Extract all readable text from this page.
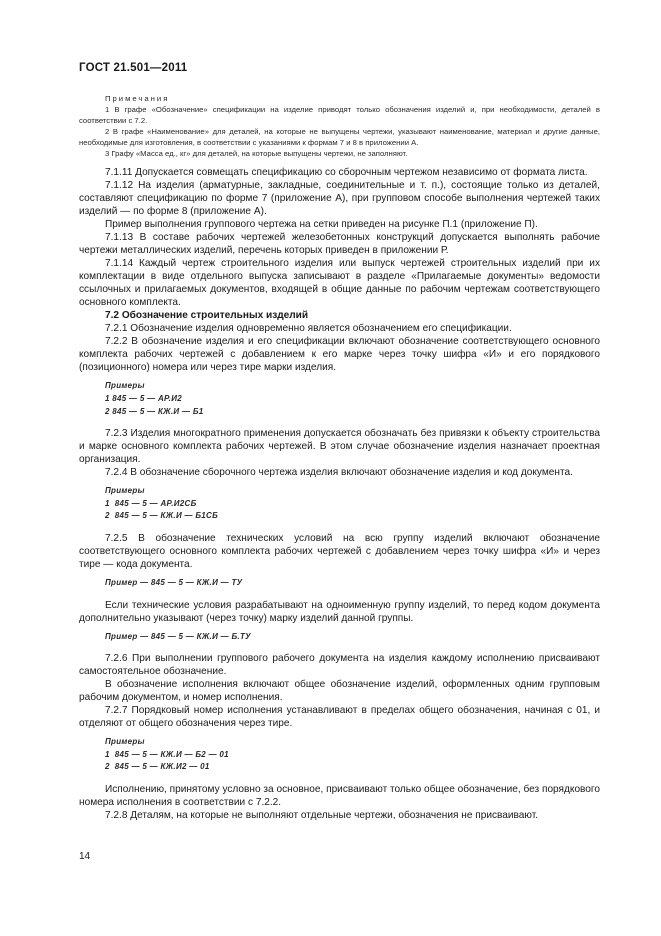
ГОСТ 21.501—2011

Примечания

1 В графе «Обозначение» спецификации на изделие приводят только обозначения изделий и, при необходимости, деталей в соответствии с 7.2.

2 В графе «Наименование» для деталей, на которые не выпущены чертежи, указывают наименование, материал и другие данные, необходимые для изготовления, в соответствии с указаниями к формам 7 и 8 в приложении А.

3 Графу «Масса ед., кг» для деталей, на которые выпущены чертежи, не заполняют.

7.1.11 Допускается совмещать спецификацию со сборочным чертежом независимо от формата листа.

7.1.12 На изделия (арматурные, закладные, соединительные и т. п.), состоящие только из деталей, составляют спецификацию по форме 7 (приложение А), при групповом способе выполнения чертежей таких изделий — по форме 8 (приложение А).

Пример выполнения группового чертежа на сетки приведен на рисунке П.1 (приложение П).

7.1.13 В составе рабочих чертежей железобетонных конструкций допускается выполнять рабочие чертежи металлических изделий, перечень которых приведен в приложении Р.

7.1.14 Каждый чертеж строительного изделия или выпуск чертежей строительных изделий при их комплектации в виде отдельного выпуска записывают в разделе «Прилагаемые документы» ведомости ссылочных и прилагаемых документов, входящей в общие данные по рабочим чертежам соответствующего основного комплекта.

7.2 Обозначение строительных изделий

7.2.1 Обозначение изделия одновременно является обозначением его спецификации.

7.2.2 В обозначение изделия и его спецификации включают обозначение соответствующего основного комплекта рабочих чертежей с добавлением к его марке через точку шифра «И» и его порядкового (позиционного) номера или через тире марки изделия.

Примеры
1 845 — 5 — АР.И2
2 845 — 5 — КЖ.И — Б1

7.2.3 Изделия многократного применения допускается обозначать без привязки к объекту строительства и марке основного комплекта рабочих чертежей. В этом случае обозначение изделия назначает проектная организация.

7.2.4 В обозначение сборочного чертежа изделия включают обозначение изделия и код документа.

Примеры
1  845 — 5 — АР.И2СБ
2  845 — 5 — КЖ.И — Б1СБ

7.2.5 В обозначение технических условий на всю группу изделий включают обозначение соответствующего основного комплекта рабочих чертежей с добавлением через точку шифра «И» и через тире — кода документа.

Пример — 845 — 5 — КЖ.И — ТУ

Если технические условия разрабатывают на одноименную группу изделий, то перед кодом документа дополнительно указывают (через точку) марку изделий данной группы.

Пример — 845 — 5 — КЖ.И — Б.ТУ

7.2.6 При выполнении группового рабочего документа на изделия каждому исполнению присваивают самостоятельное обозначение.

В обозначение исполнения включают общее обозначение изделий, оформленных одним групповым рабочим документом, и номер исполнения.

7.2.7 Порядковый номер исполнения устанавливают в пределах общего обозначения, начиная с 01, и отделяют от общего обозначения через тире.

Примеры
1  845 — 5 — КЖ.И — Б2 — 01
2  845 — 5 — КЖ.И2 — 01

Исполнению, принятому условно за основное, присваивают только общее обозначение, без порядкового номера исполнения в соответствии с 7.2.2.

7.2.8 Деталям, на которые не выполняют отдельные чертежи, обозначения не присваивают.

14
